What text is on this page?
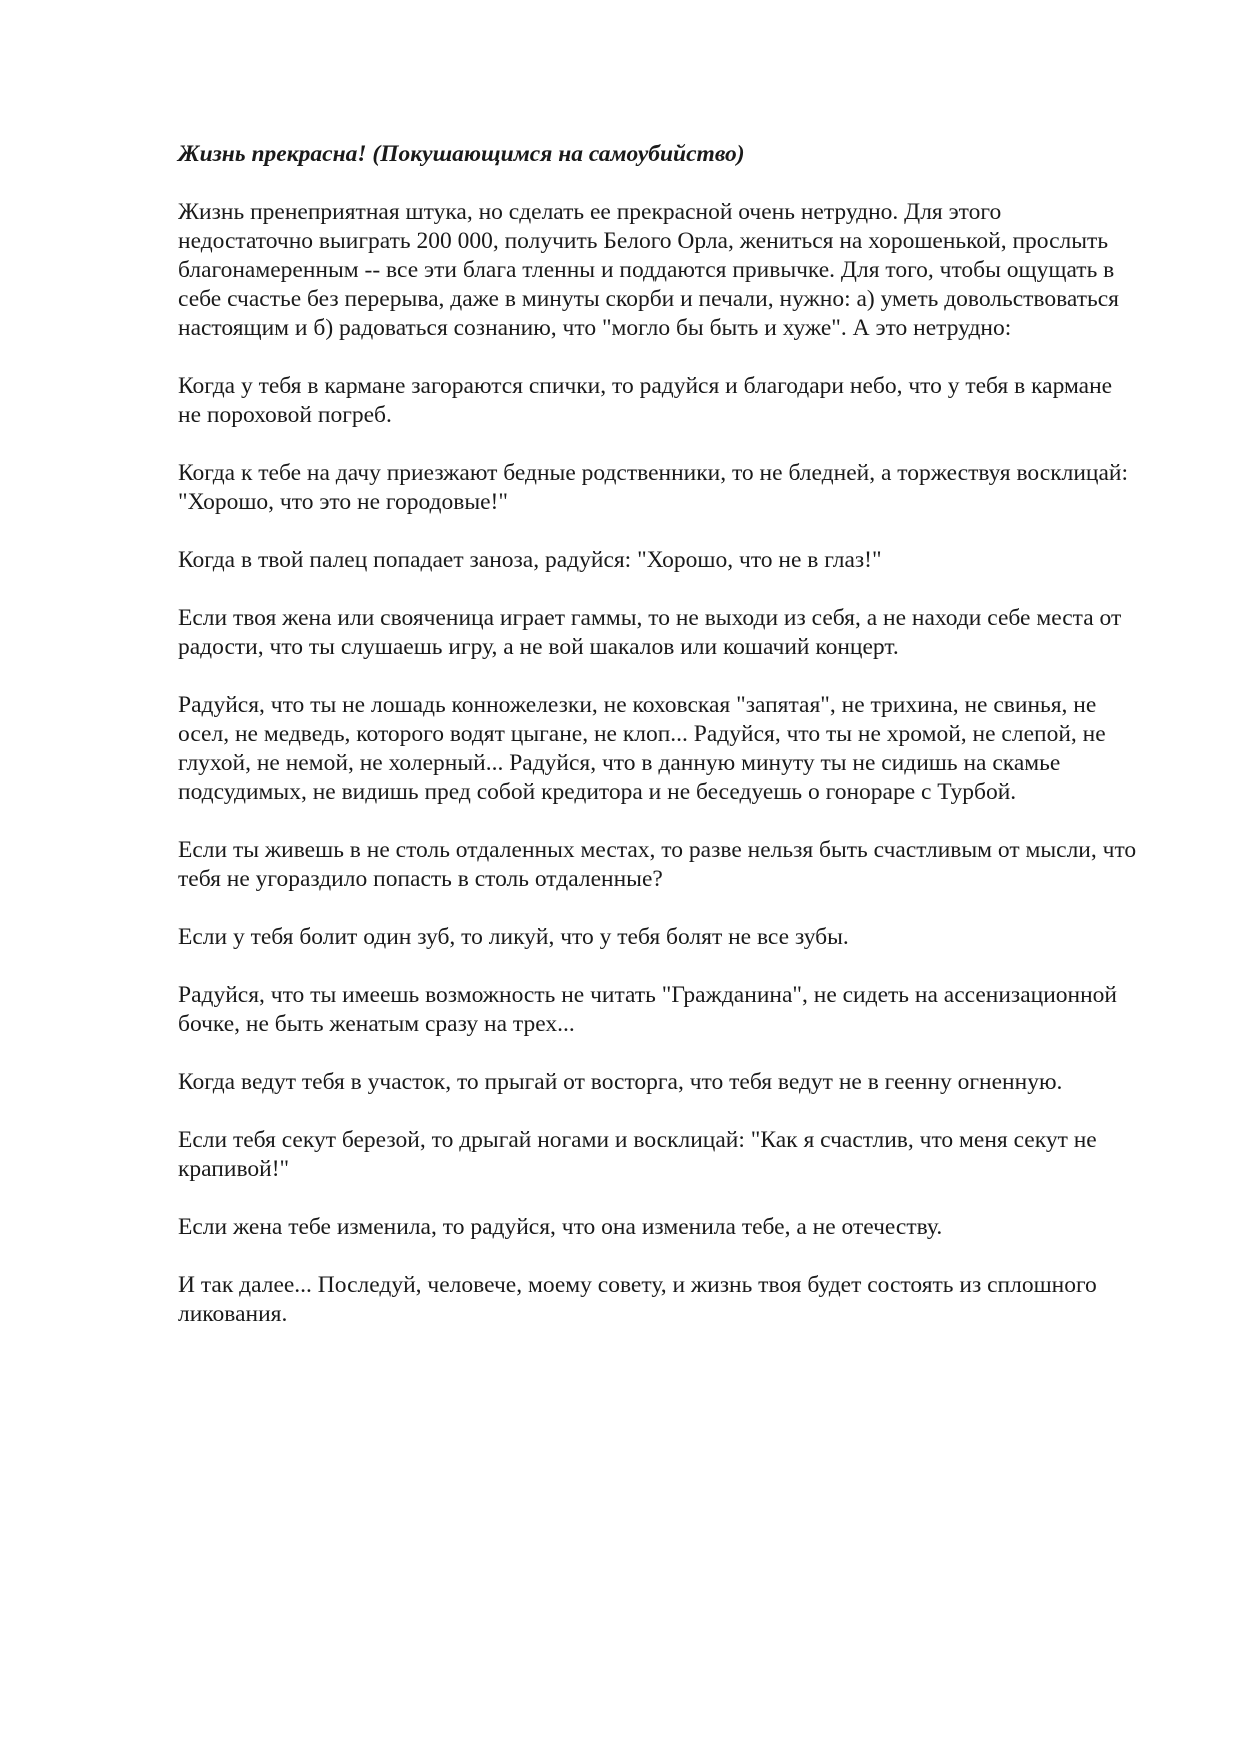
Жизнь прекрасна! (Покушающимся на самоубийство)

Жизнь пренеприятная штука, но сделать ее прекрасной очень нетрудно. Для этого недостаточно выиграть 200 000, получить Белого Орла, жениться на хорошенькой, прослыть благонамеренным -- все эти блага тленны и поддаются привычке. Для того, чтобы ощущать в себе счастье без перерыва, даже в минуты скорби и печали, нужно: а) уметь довольствоваться настоящим и б) радоваться сознанию, что "могло бы быть и хуже". А это нетрудно:

Когда у тебя в кармане загораются спички, то радуйся и благодари небо, что у тебя в кармане не пороховой погреб.

Когда к тебе на дачу приезжают бедные родственники, то не бледней, а торжествуя восклицай: "Хорошо, что это не городовые!"

Когда в твой палец попадает заноза, радуйся: "Хорошо, что не в глаз!"

Если твоя жена или свояченица играет гаммы, то не выходи из себя, а не находи себе места от радости, что ты слушаешь игру, а не вой шакалов или кошачий концерт.

Радуйся, что ты не лошадь конножелезки, не коховская "запятая", не трихина, не свинья, не осел, не медведь, которого водят цыгане, не клоп... Радуйся, что ты не хромой, не слепой, не глухой, не немой, не холерный... Радуйся, что в данную минуту ты не сидишь на скамье подсудимых, не видишь пред собой кредитора и не беседуешь о гонораре с Турбой.

Если ты живешь в не столь отдаленных местах, то разве нельзя быть счастливым от мысли, что тебя не угораздило попасть в столь отдаленные?

Если у тебя болит один зуб, то ликуй, что у тебя болят не все зубы.

Радуйся, что ты имеешь возможность не читать "Гражданина", не сидеть на ассенизационной бочке, не быть женатым сразу на трех...

Когда ведут тебя в участок, то прыгай от восторга, что тебя ведут не в геенну огненную.

Если тебя секут березой, то дрыгай ногами и восклицай: "Как я счастлив, что меня секут не крапивой!"

Если жена тебе изменила, то радуйся, что она изменила тебе, а не отечеству.

И так далее... Последуй, человече, моему совету, и жизнь твоя будет состоять из сплошного ликования.
